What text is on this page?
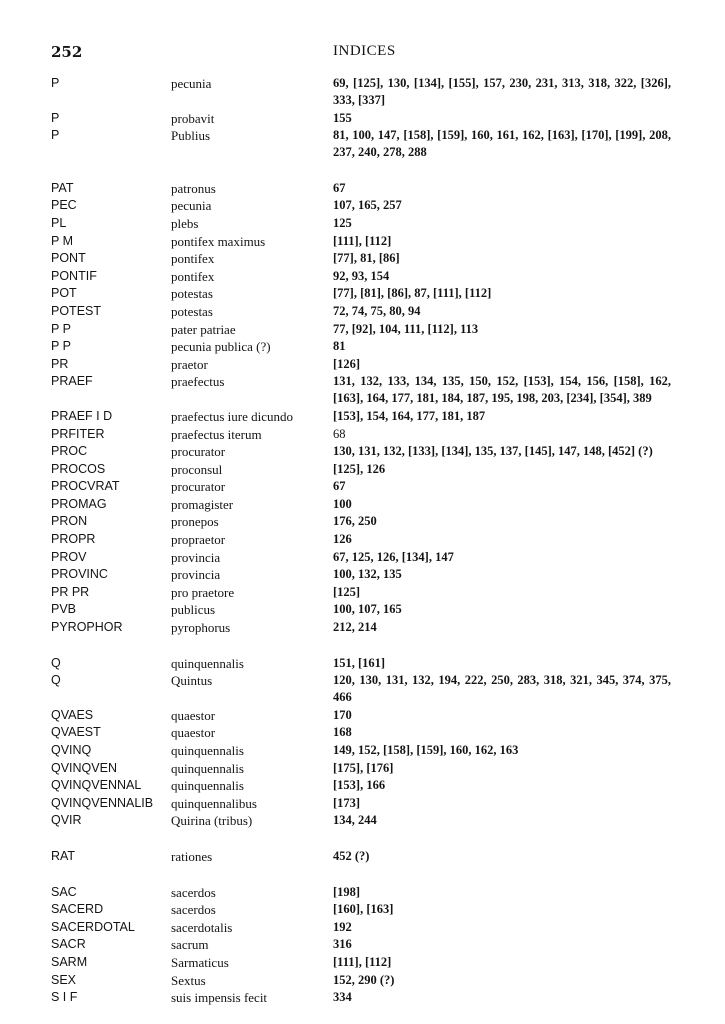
252	INDICES
P	pecunia	69, [125], 130, [134], [155], 157, 230, 231, 313, 318, 322, [326], 333, [337]
P	probavit	155
P	Publius	81, 100, 147, [158], [159], 160, 161, 162, [163], [170], [199], 208, 237, 240, 278, 288
PAT	patronus	67
PEC	pecunia	107, 165, 257
PL	plebs	125
P M	pontifex maximus	[111], [112]
PONT	pontifex	[77], 81, [86]
PONTIF	pontifex	92, 93, 154
POT	potestas	[77], [81], [86], 87, [111], [112]
POTEST	potestas	72, 74, 75, 80, 94
P P	pater patriae	77, [92], 104, 111, [112], 113
P P	pecunia publica (?)	81
PR	praetor	[126]
PRAEF	praefectus	131, 132, 133, 134, 135, 150, 152, [153], 154, 156, [158], 162, [163], 164, 177, 181, 184, 187, 195, 198, 203, [234], [354], 389
PRAEF I D	praefectus iure dicundo	[153], 154, 164, 177, 181, 187
PRFITER	praefectus iterum	68
PROC	procurator	130, 131, 132, [133], [134], 135, 137, [145], 147, 148, [452] (?)
PROCOS	proconsul	[125], 126
PROCVRAT	procurator	67
PROMAG	promagister	100
PRON	pronepos	176, 250
PROPR	propraetor	126
PROV	provincia	67, 125, 126, [134], 147
PROVINC	provincia	100, 132, 135
PR PR	pro praetore	[125]
PVB	publicus	100, 107, 165
PYROPHOR	pyrophorus	212, 214
Q	quinquennalis	151, [161]
Q	Quintus	120, 130, 131, 132, 194, 222, 250, 283, 318, 321, 345, 374, 375, 466
QVAES	quaestor	170
QVAEST	quaestor	168
QVINQ	quinquennalis	149, 152, [158], [159], 160, 162, 163
QVINQVEN	quinquennalis	[175], [176]
QVINQVENNAL quinquennalis	[153], 166
QVINQVENNALIB quinquennalibus	[173]
QVIR	Quirina (tribus)	134, 244
RAT	rationes	452 (?)
SAC	sacerdos	[198]
SACERD	sacerdos	[160], [163]
SACERDOTAL	sacerdotalis	192
SACR	sacrum	316
SARM	Sarmaticus	[111], [112]
SEX	Sextus	152, 290 (?)
S I F	suis impensis fecit	334
